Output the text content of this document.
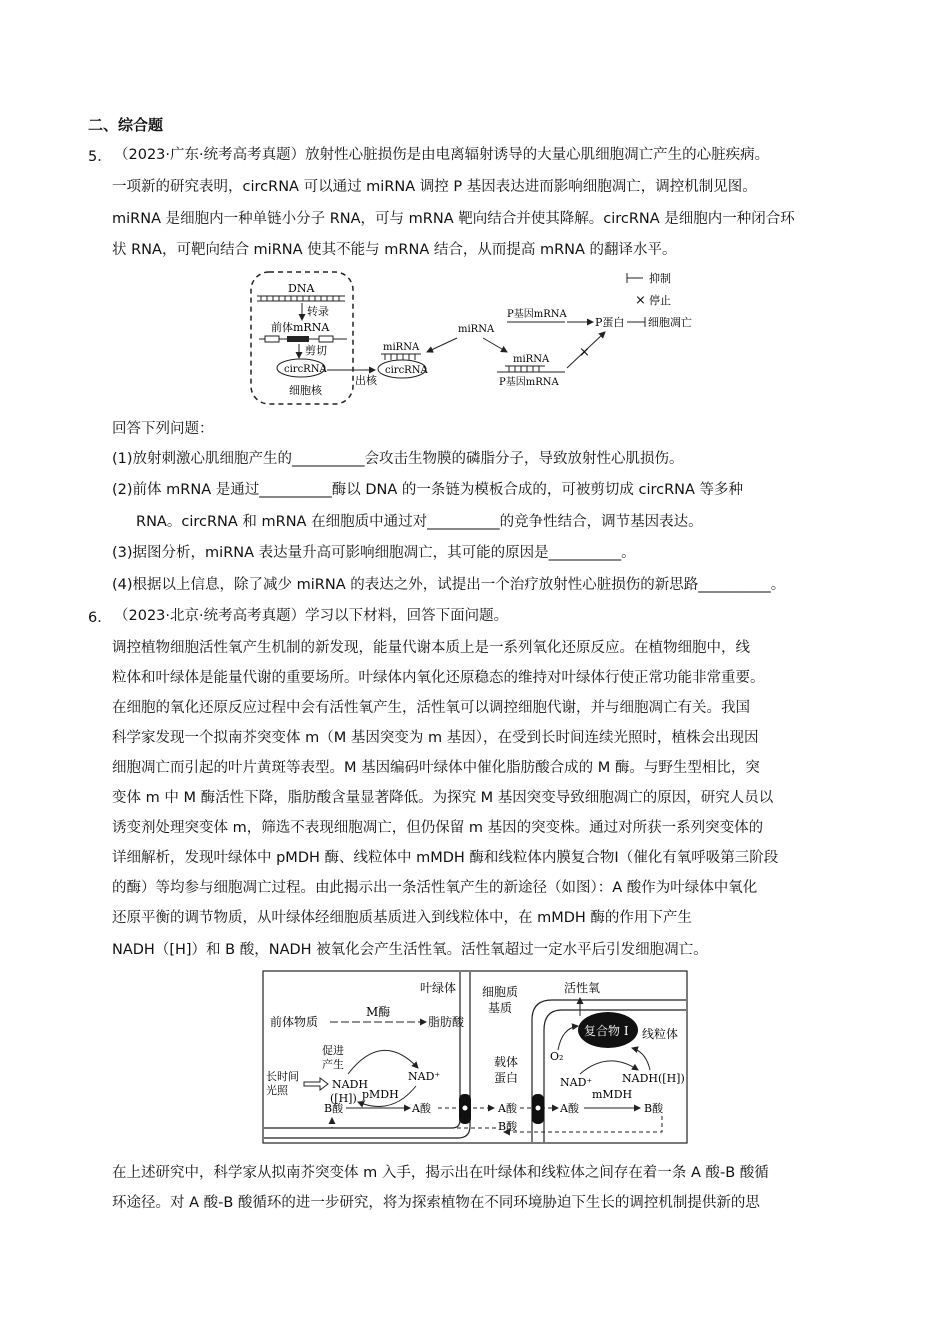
二、综合题
5． （2023·广东·统考高考真题）放射性心脏损伤是由电离辐射诱导的大量心肌细胞凋亡产生的心脏疾病。
一项新的研究表明，circRNA 可以通过 miRNA 调控 P 基因表达进而影响细胞凋亡，调控机制见图。
miRNA 是细胞内一种单链小分子 RNA，可与 mRNA 靶向结合并使其降解。circRNA 是细胞内一种闭合环
状 RNA，可靶向结合 miRNA 使其不能与 mRNA 结合，从而提高 mRNA 的翻译水平。
DNA
转录
前体mRNA
剪切
circRNA
细胞核
出核
miRNA
circRNA
miRNA
P基因mRNA
P蛋白 细胞凋亡
miRNA
P基因mRNA
×
抑制
× 停止
回答下列问题：
(1)放射刺激心肌细胞产生的__________会攻击生物膜的磷脂分子，导致放射性心肌损伤。
(2)前体 mRNA 是通过__________酶以 DNA 的一条链为模板合成的，可被剪切成 circRNA 等多种
RNA。circRNA 和 mRNA 在细胞质中通过对__________的竞争性结合，调节基因表达。
(3)据图分析，miRNA 表达量升高可影响细胞凋亡，其可能的原因是__________。
(4)根据以上信息，除了减少 miRNA 的表达之外，试提出一个治疗放射性心脏损伤的新思路__________。
6． （2023·北京·统考高考真题）学习以下材料，回答下面问题。
调控植物细胞活性氧产生机制的新发现，能量代谢本质上是一系列氧化还原反应。在植物细胞中，线
粒体和叶绿体是能量代谢的重要场所。叶绿体内氧化还原稳态的维持对叶绿体行使正常功能非常重要。
在细胞的氧化还原反应过程中会有活性氧产生，活性氧可以调控细胞代谢，并与细胞凋亡有关。我国
科学家发现一个拟南芥突变体 m（M 基因突变为 m 基因），在受到长时间连续光照时，植株会出现因
细胞凋亡而引起的叶片黄斑等表型。M 基因编码叶绿体中催化脂肪酸合成的 M 酶。与野生型相比，突
变体 m 中 M 酶活性下降，脂肪酸含量显著降低。为探究 M 基因突变导致细胞凋亡的原因，研究人员以
诱变剂处理突变体 m，筛选不表现细胞凋亡，但仍保留 m 基因的突变株。通过对所获一系列突变体的
详细解析，发现叶绿体中 pMDH 酶、线粒体中 mMDH 酶和线粒体内膜复合物Ⅰ（催化有氧呼吸第三阶段
的酶）等均参与细胞凋亡过程。由此揭示出一条活性氧产生的新途径（如图）：A 酸作为叶绿体中氧化
还原平衡的调节物质，从叶绿体经细胞质基质进入到线粒体中，在 mMDH 酶的作用下产生
NADH（[H]）和 B 酸，NADH 被氧化会产生活性氧。活性氧超过一定水平后引发细胞凋亡。
叶绿体 细胞质
基质
活性氧
复合物 I 线粒体
O₂
前体物质
M酶
脂肪酸
促进
产生
长时间
光照	NADH
([H])
NAD⁺
pMDH
B酸	A酸
载体
蛋白
A酸
B酸
A酸	B酸
NAD⁺	NADH([H])
mMDH
在上述研究中，科学家从拟南芥突变体 m 入手，揭示出在叶绿体和线粒体之间存在着一条 A 酸-B 酸循
环途径。对 A 酸-B 酸循环的进一步研究，将为探索植物在不同环境胁迫下生长的调控机制提供新的思
